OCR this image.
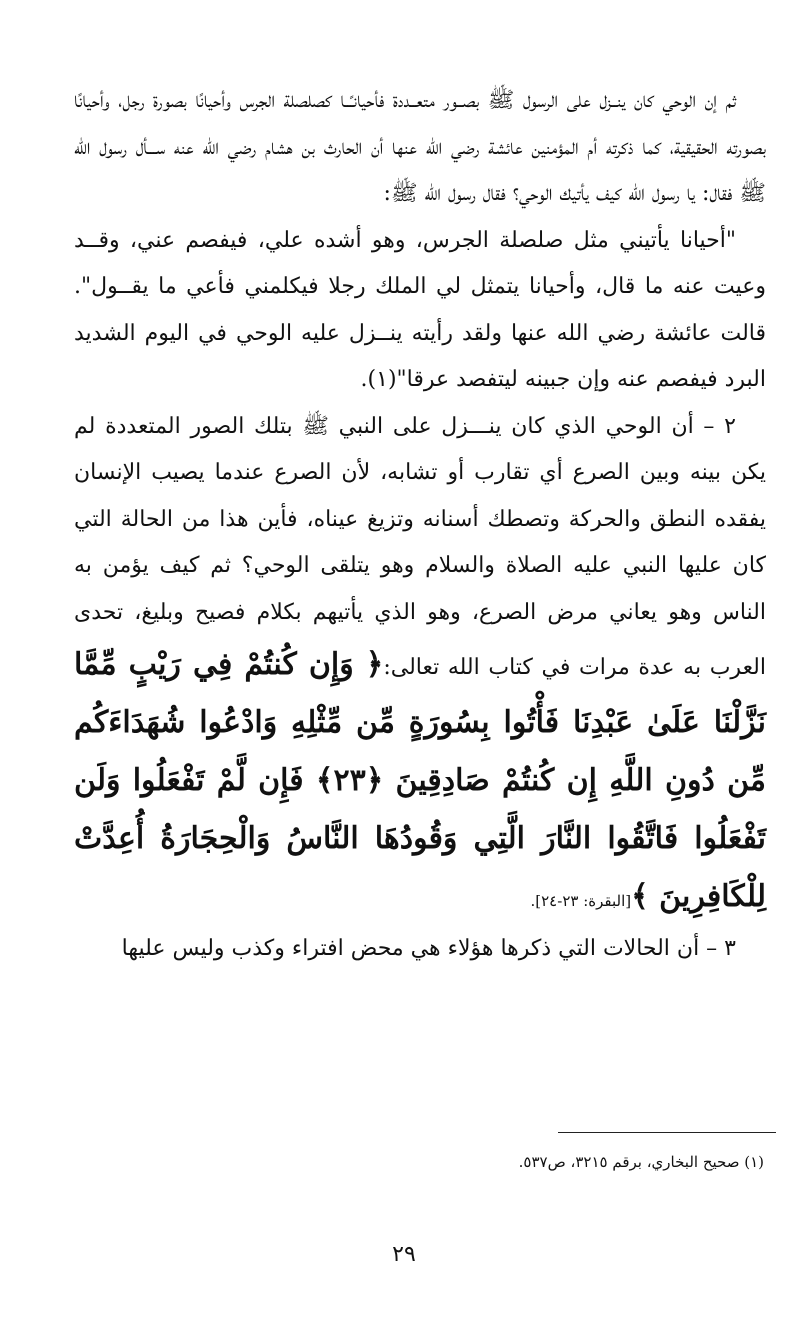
ثم إن الوحي كان ينــزل على الرسول ﷺ بصــور متعــددة فأحيانـًــا كصلصلة الجرس وأحيانًا بصورة رجل، وأحيانًا بصورته الحقيقية، كما ذكرته أم المؤمنين عائشة رضي الله عنها أن الحارث بن هشام رضي الله عنه ســـأل رسول الله ﷺ فقال: يا رسول الله كيف يأتيك الوحي؟ فقال رسول الله ﷺ:

"أحيانا يأتيني مثل صلصلة الجرس، وهو أشده علي، فيفصم عني، وقــد وعيت عنه ما قال، وأحيانا يتمثل لي الملك رجلا فيكلمني فأعي ما يقــول". قالت عائشة رضي الله عنها ولقد رأيته ينــزل عليه الوحي في اليوم الشديد البرد فيفصم عنه وإن جبينه ليتفصد عرقا"(١).

٢ – أن الوحي الذي كان ينـــزل على النبي ﷺ بتلك الصور المتعددة لم يكن بينه وبين الصرع أي تقارب أو تشابه، لأن الصرع عندما يصيب الإنسان يفقده النطق والحركة وتصطك أسنانه وتزيغ عيناه، فأين هذا من الحالة التي كان عليها النبي عليه الصلاة والسلام وهو يتلقى الوحي؟ ثم كيف يؤمن به الناس وهو يعاني مرض الصرع، وهو الذي يأتيهم بكلام فصيح وبليغ، تحدى العرب به عدة مرات في كتاب الله تعالى:﴿ وَإِن كُنتُمْ فِي رَيْبٍ مِّمَّا نَزَّلْنَا عَلَىٰ عَبْدِنَا فَأْتُوا بِسُورَةٍ مِّن مِّثْلِهِ وَادْعُوا شُهَدَاءَكُم مِّن دُونِ اللَّهِ إِن كُنتُمْ صَادِقِينَ ﴿٢٣﴾ فَإِن لَّمْ تَفْعَلُوا وَلَن تَفْعَلُوا فَاتَّقُوا النَّارَ الَّتِي وَقُودُهَا النَّاسُ وَالْحِجَارَةُ أُعِدَّتْ لِلْكَافِرِينَ ﴾[البقرة: ٢٣-٢٤].

٣ – أن الحالات التي ذكرها هؤلاء هي محض افتراء وكذب وليس عليها

(١) صحيح البخاري، برقم ٣٢١٥، ص٥٣٧.
٢٩
